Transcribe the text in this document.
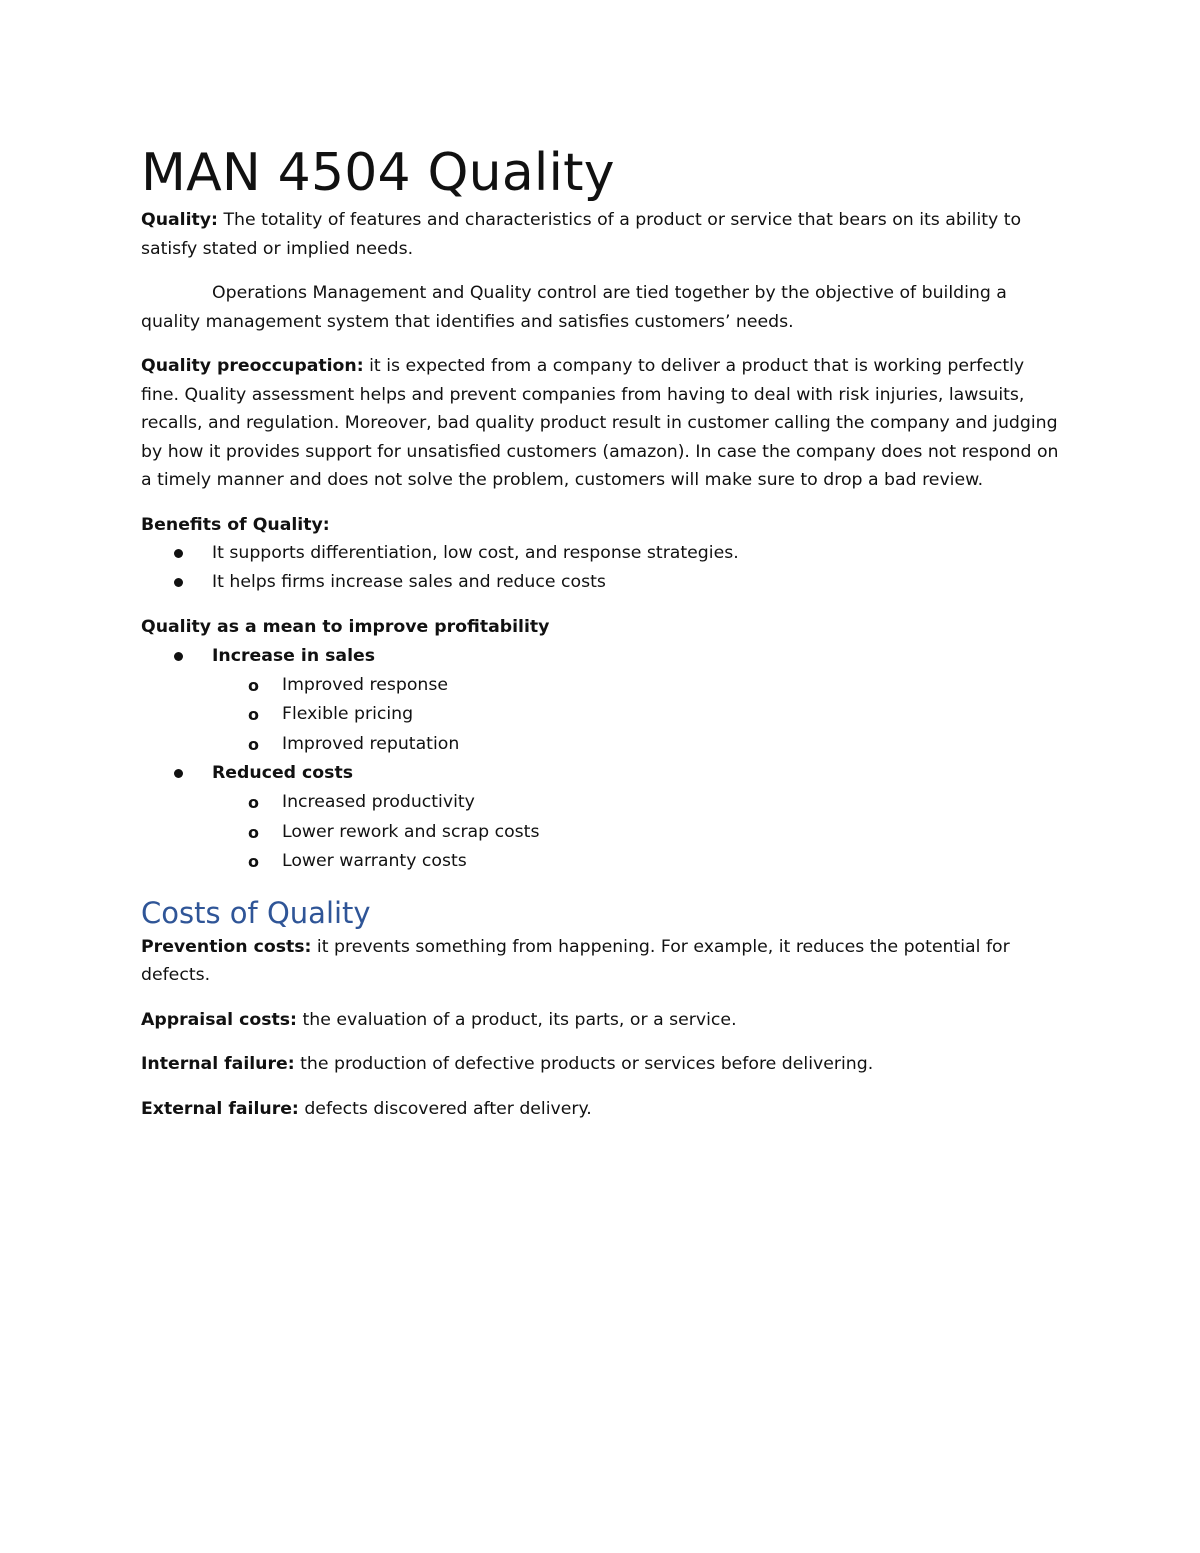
MAN 4504 Quality

Quality: The totality of features and characteristics of a product or service that bears on its ability to satisfy stated or implied needs.

Operations Management and Quality control are tied together by the objective of building a quality management system that identifies and satisfies customers’ needs.

Quality preoccupation: it is expected from a company to deliver a product that is working perfectly fine. Quality assessment helps and prevent companies from having to deal with risk injuries, lawsuits, recalls, and regulation. Moreover, bad quality product result in customer calling the company and judging by how it provides support for unsatisfied customers (amazon). In case the company does not respond on a timely manner and does not solve the problem, customers will make sure to drop a bad review.

Benefits of Quality:
It supports differentiation, low cost, and response strategies.
It helps firms increase sales and reduce costs
Quality as a mean to improve profitability
Increase in sales
o Improved response
o Flexible pricing
o Improved reputation
Reduced costs
o Increased productivity
o Lower rework and scrap costs
o Lower warranty costs
Costs of Quality

Prevention costs: it prevents something from happening. For example, it reduces the potential for defects.

Appraisal costs: the evaluation of a product, its parts, or a service.

Internal failure: the production of defective products or services before delivering.

External failure: defects discovered after delivery.
